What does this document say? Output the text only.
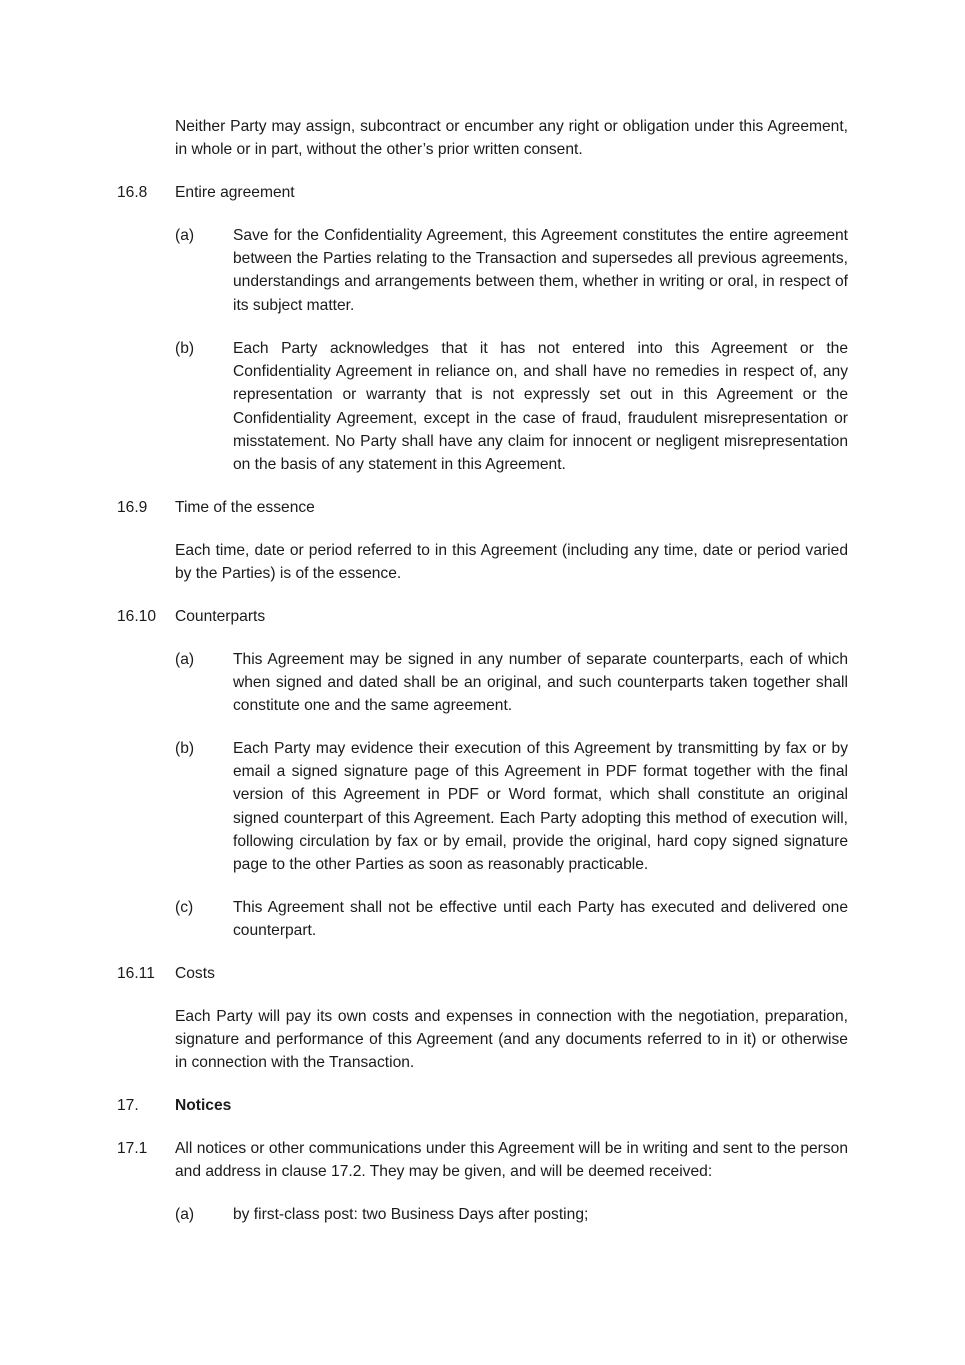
Neither Party may assign, subcontract or encumber any right or obligation under this Agreement, in whole or in part, without the other’s prior written consent.

16.8 Entire agreement
(a) Save for the Confidentiality Agreement, this Agreement constitutes the entire agreement between the Parties relating to the Transaction and supersedes all previous agreements, understandings and arrangements between them, whether in writing or oral, in respect of its subject matter.

(b) Each Party acknowledges that it has not entered into this Agreement or the Confidentiality Agreement in reliance on, and shall have no remedies in respect of, any representation or warranty that is not expressly set out in this Agreement or the Confidentiality Agreement, except in the case of fraud, fraudulent misrepresentation or misstatement. No Party shall have any claim for innocent or negligent misrepresentation on the basis of any statement in this Agreement.

16.9 Time of the essence

Each time, date or period referred to in this Agreement (including any time, date or period varied by the Parties) is of the essence.

16.10 Counterparts
(a) This Agreement may be signed in any number of separate counterparts, each of which when signed and dated shall be an original, and such counterparts taken together shall constitute one and the same agreement.

(b) Each Party may evidence their execution of this Agreement by transmitting by fax or by email a signed signature page of this Agreement in PDF format together with the final version of this Agreement in PDF or Word format, which shall constitute an original signed counterpart of this Agreement. Each Party adopting this method of execution will, following circulation by fax or by email, provide the original, hard copy signed signature page to the other Parties as soon as reasonably practicable.

(c)	This Agreement shall not be effective until each Party has executed and delivered one counterpart.

16.11 Costs

Each Party will pay its own costs and expenses in connection with the negotiation, preparation, signature and performance of this Agreement (and any documents referred to in it) or otherwise in connection with the Transaction.

17. Notices
17.1 All notices or other communications under this Agreement will be in writing and sent to the person and address in clause 17.2. They may be given, and will be deemed received:

(a) by first-class post: two Business Days after posting;
